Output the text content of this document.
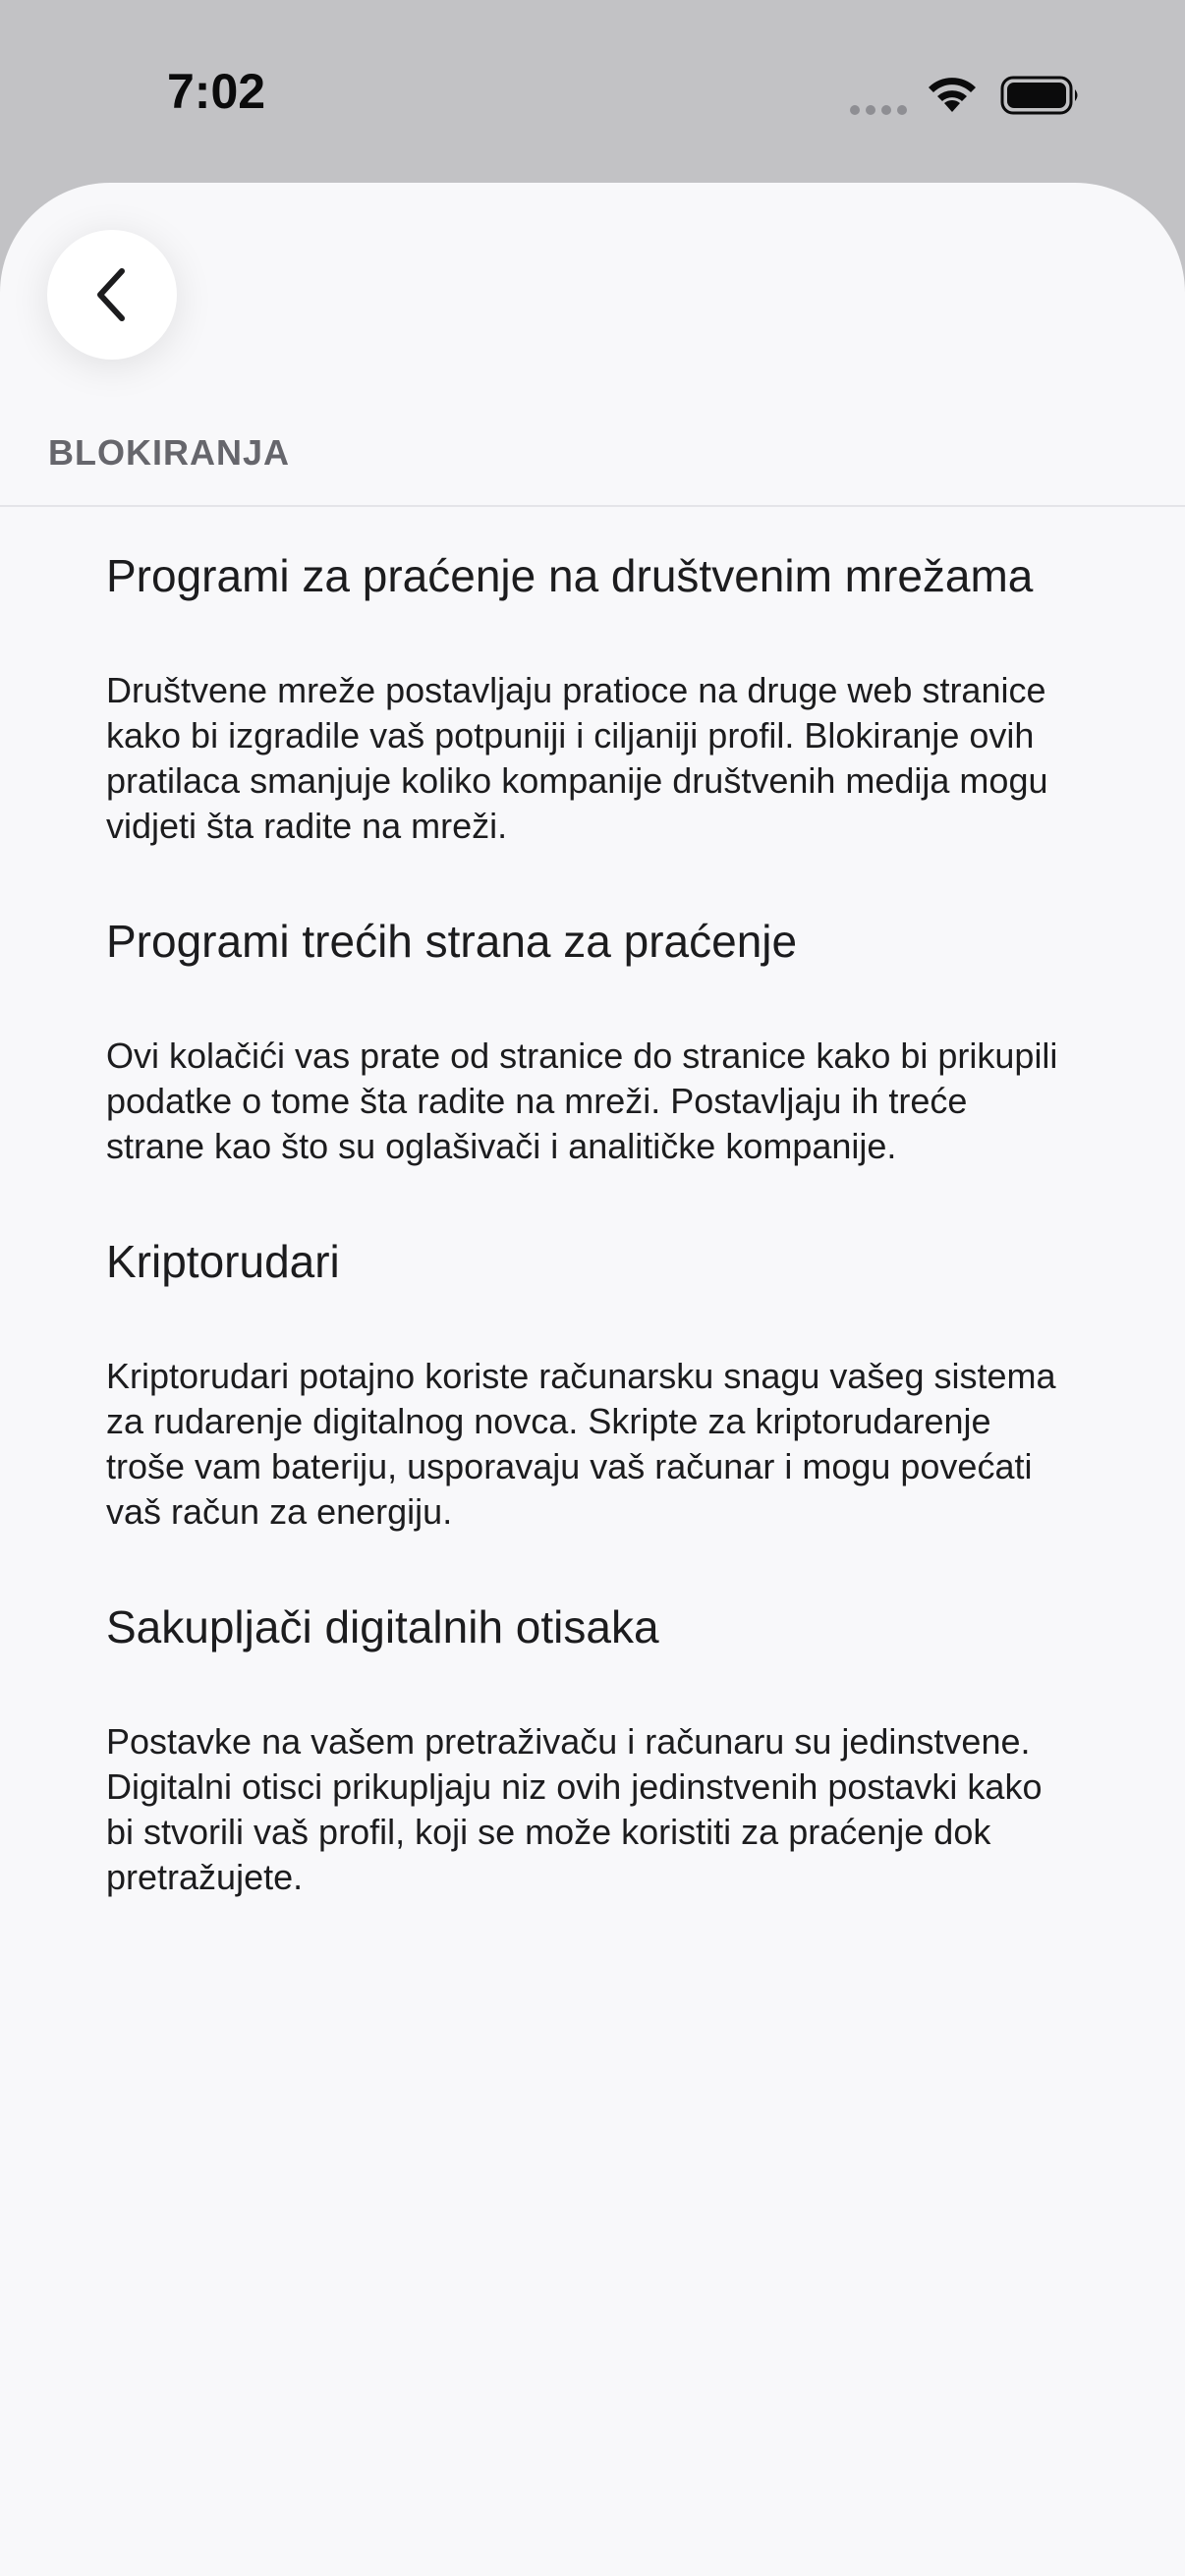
7:02
BLOKIRANJA

Programi za praćenje na društvenim mrežama

Društvene mreže postavljaju pratioce na druge web stranice kako bi izgradile vaš potpuniji i ciljaniji profil. Blokiranje ovih pratilaca smanjuje koliko kompanije društvenih medija mogu vidjeti šta radite na mreži.

Programi trećih strana za praćenje

Ovi kolačići vas prate od stranice do stranice kako bi prikupili podatke o tome šta radite na mreži. Postavljaju ih treće strane kao što su oglašivači i analitičke kompanije.

Kriptorudari

Kriptorudari potajno koriste računarsku snagu vašeg sistema za rudarenje digitalnog novca. Skripte za kriptorudarenje troše vam bateriju, usporavaju vaš računar i mogu povećati vaš račun za energiju.

Sakupljači digitalnih otisaka

Postavke na vašem pretraživaču i računaru su jedinstvene. Digitalni otisci prikupljaju niz ovih jedinstvenih postavki kako bi stvorili vaš profil, koji se može koristiti za praćenje dok pretražujete.
